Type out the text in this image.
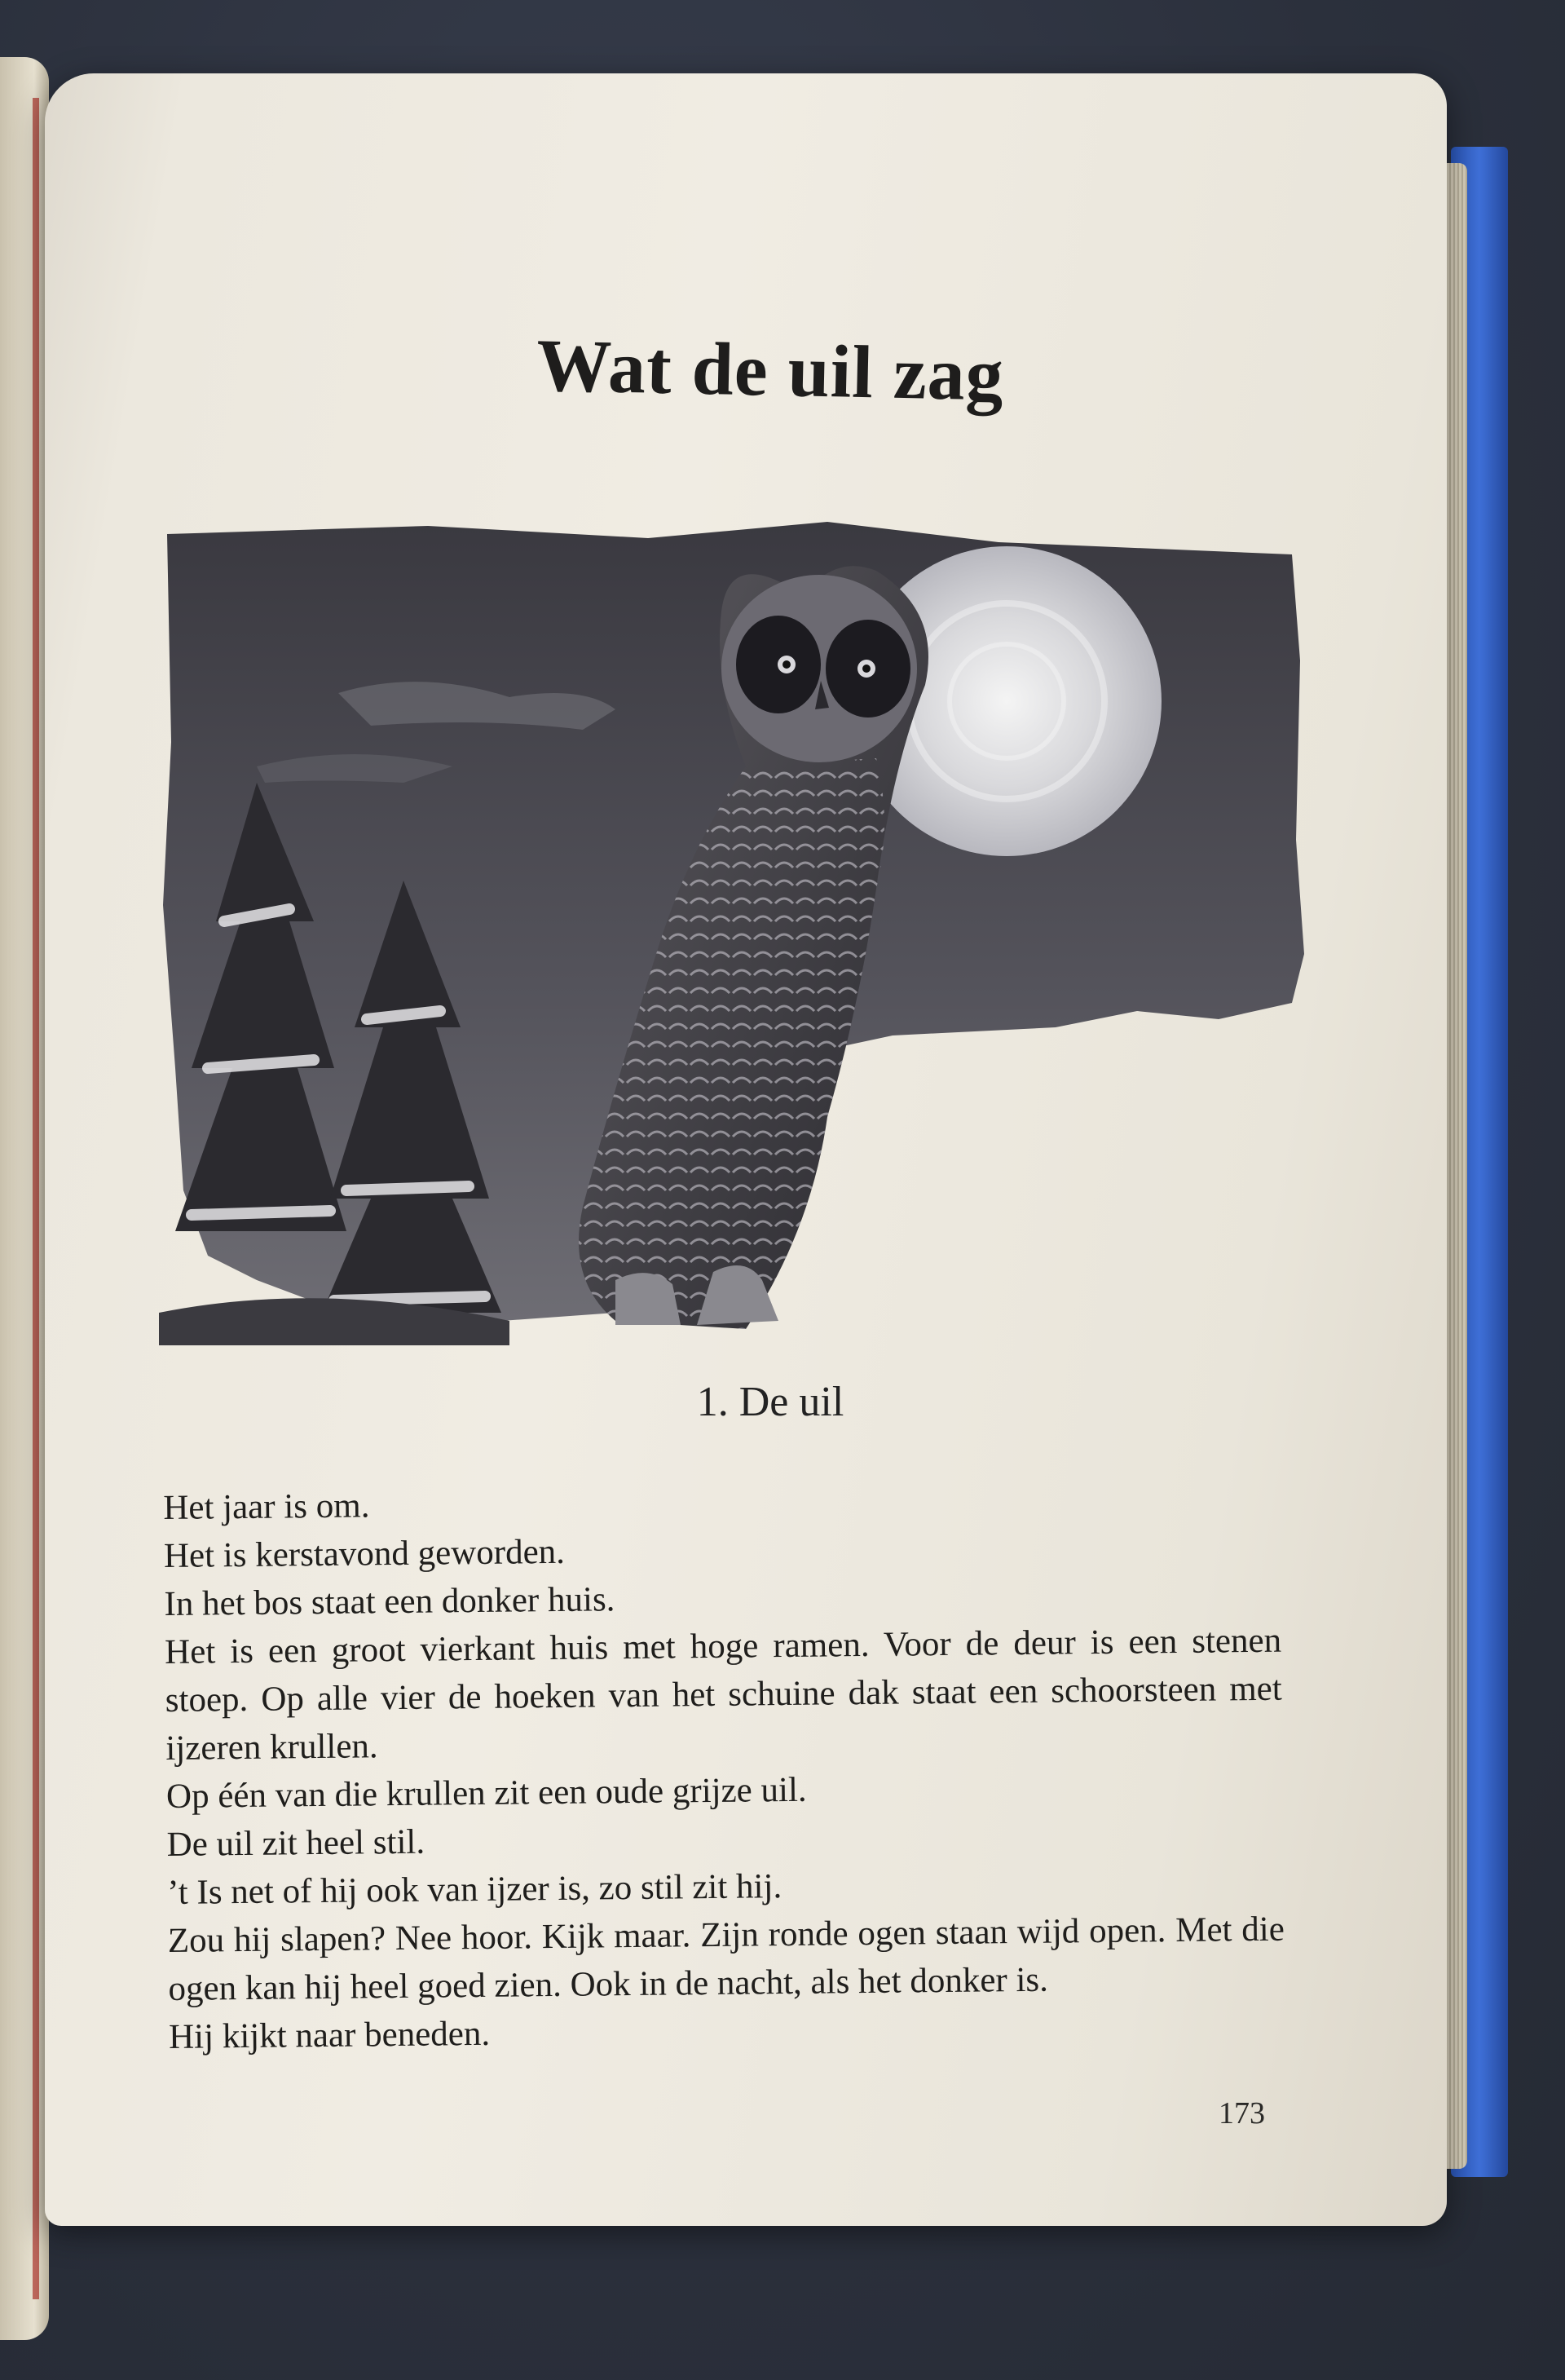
Wat de uil zag
1. De uil

Het jaar is om.

Het is kerstavond geworden.

In het bos staat een donker huis.

Het is een groot vierkant huis met hoge ramen. Voor de deur is een stenen stoep. Op alle vier de hoeken van het schuine dak staat een schoorsteen met ijzeren krullen.

Op één van die krullen zit een oude grijze uil.

De uil zit heel stil.

’t Is net of hij ook van ijzer is, zo stil zit hij.

Zou hij slapen? Nee hoor. Kijk maar. Zijn ronde ogen staan wijd open. Met die ogen kan hij heel goed zien. Ook in de nacht, als het donker is.

Hij kijkt naar beneden.

173
